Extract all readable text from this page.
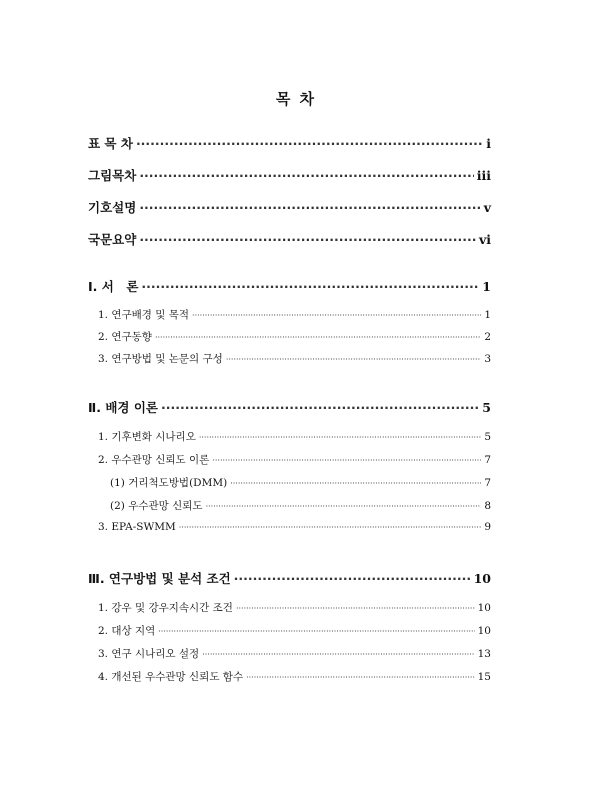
목 차
표 목 차 ·····	i
그림목차 ·····	iii
기호설명 ·····	v
국문요약 ·····	vi
Ⅰ. 서　론 ·····	1
1. 연구배경 및 목적 ·····	1
2. 연구동향 ·····	2
3. 연구방법 및 논문의 구성 ·····	3
Ⅱ. 배경 이론 ·····	5
1. 기후변화 시나리오 ·····	5
2. 우수관망 신뢰도 이론 ·····	7
(1) 거리척도방법(DMM) ·····	7
(2) 우수관망 신뢰도 ·····	8
3. EPA-SWMM ·····	9
Ⅲ. 연구방법 및 분석 조건 ·····	10
1. 강우 및 강우지속시간 조건 ·····	10
2. 대상 지역 ·····	10
3. 연구 시나리오 설정 ·····	13
4. 개선된 우수관망 신뢰도 함수 ·····	15
